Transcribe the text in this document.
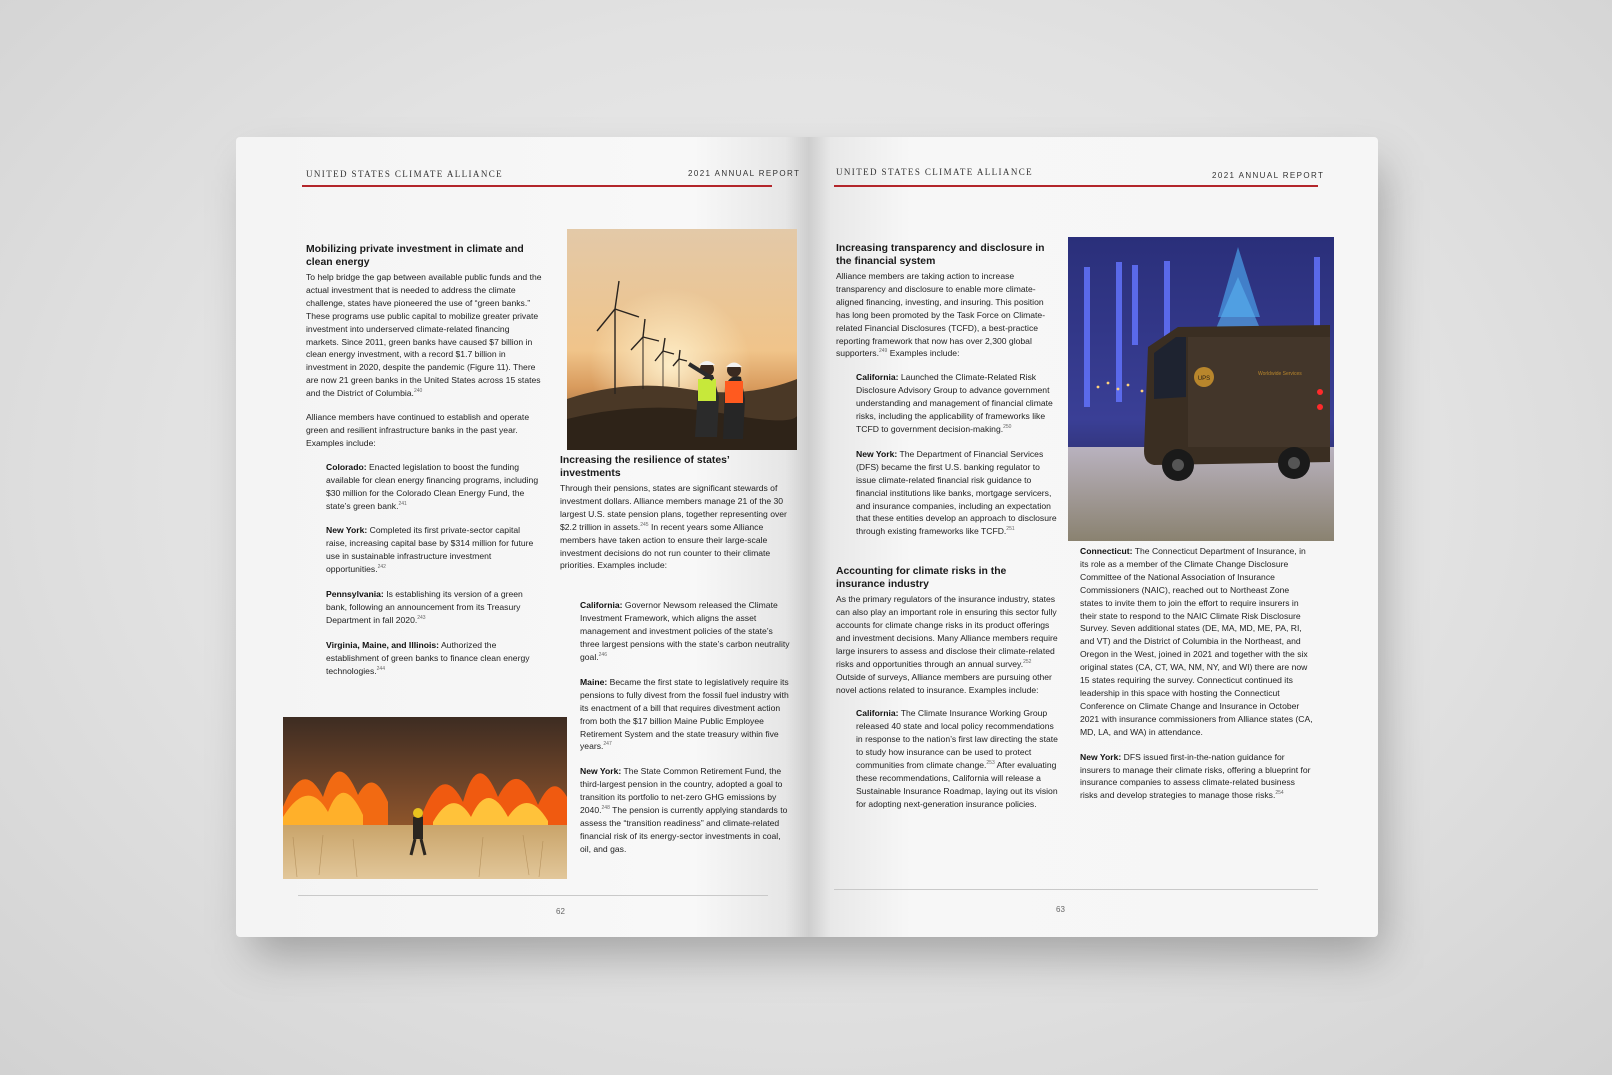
UNITED STATES CLIMATE ALLIANCE	2021 ANNUAL REPORT
Mobilizing private investment in climate and clean energy

To help bridge the gap between available public funds and the actual investment that is needed to address the climate challenge, states have pioneered the use of “green banks.” These programs use public capital to mobilize greater private investment into underserved climate-related financing markets. Since 2011, green banks have caused $7 billion in clean energy investment, with a record $1.7 billion in investment in 2020, despite the pandemic (Figure 11). There are now 21 green banks in the United States across 15 states and the District of Columbia.$^{240}$

Alliance members have continued to establish and operate green and resilient infrastructure banks in the past year. Examples include:

Colorado: Enacted legislation to boost the funding available for clean energy financing programs, including $30 million for the Colorado Clean Energy Fund, the state’s green bank.$^{241}$
New York: Completed its first private-sector capital raise, increasing capital base by $314 million for future use in sustainable infrastructure investment opportunities.$^{242}$
Pennsylvania: Is establishing its version of a green bank, following an announcement from its Treasury Department in fall 2020.$^{243}$
Virginia, Maine, and Illinois: Authorized the establishment of green banks to finance clean energy technologies.$^{244}$
Increasing the resilience of states’ investments

Through their pensions, states are significant stewards of investment dollars. Alliance members manage 21 of the 30 largest U.S. state pension plans, together representing over $2.2 trillion in assets.$^{245}$ In recent years some Alliance members have taken action to ensure their large-scale investment decisions do not run counter to their climate priorities. Examples include:

California: Governor Newsom released the Climate Investment Framework, which aligns the asset management and investment policies of the state’s three largest pensions with the state’s carbon neutrality goal.$^{246}$
Maine: Became the first state to legislatively require its pensions to fully divest from the fossil fuel industry with its enactment of a bill that requires divestment action from both the $17 billion Maine Public Employee Retirement System and the state treasury within five years.$^{247}$
New York: The State Common Retirement Fund, the third-largest pension in the country, adopted a goal to transition its portfolio to net-zero GHG emissions by 2040.$^{248}$ The pension is currently applying standards to assess the “transition readiness” and climate-related financial risk of its energy-sector investments in coal, oil, and gas.
62
UNITED STATES CLIMATE ALLIANCE	2021 ANNUAL REPORT
Increasing transparency and disclosure in the financial system

Alliance members are taking action to increase transparency and disclosure to enable more climate-aligned financing, investing, and insuring. This position has long been promoted by the Task Force on Climate-related Financial Disclosures (TCFD), a best-practice reporting framework that now has over 2,300 global supporters.$^{249}$ Examples include:

California: Launched the Climate-Related Risk Disclosure Advisory Group to advance government understanding and management of financial climate risks, including the applicability of frameworks like TCFD to government decision-making.$^{250}$
New York: The Department of Financial Services (DFS) became the first U.S. banking regulator to issue climate-related financial risk guidance to financial institutions like banks, mortgage servicers, and insurance companies, including an expectation that these entities develop an approach to disclosure through existing frameworks like TCFD.$^{251}$
Accounting for climate risks in the insurance industry

As the primary regulators of the insurance industry, states can also play an important role in ensuring this sector fully accounts for climate change risks in its product offerings and investment decisions. Many Alliance members require large insurers to assess and disclose their climate-related risks and opportunities through an annual survey.$^{252}$ Outside of surveys, Alliance members are pursuing other novel actions related to insurance. Examples include:

California: The Climate Insurance Working Group released 40 state and local policy recommendations in response to the nation’s first law directing the state to study how insurance can be used to protect communities from climate change.$^{253}$ After evaluating these recommendations, California will release a Sustainable Insurance Roadmap, laying out its vision for adopting next-generation insurance policies.
UPS
Worldwide Services
Connecticut: The Connecticut Department of Insurance, in its role as a member of the Climate Change Disclosure Committee of the National Association of Insurance Commissioners (NAIC), reached out to Northeast Zone states to invite them to join the effort to require insurers in their state to respond to the NAIC Climate Risk Disclosure Survey. Seven additional states (DE, MA, MD, ME, PA, RI, and VT) and the District of Columbia in the Northeast, and Oregon in the West, joined in 2021 and together with the six original states (CA, CT, WA, NM, NY, and WI) there are now 15 states requiring the survey. Connecticut continued its leadership in this space with hosting the Connecticut Conference on Climate Change and Insurance in October 2021 with insurance commissioners from Alliance states (CA, MD, LA, and WA) in attendance.
New York: DFS issued first-in-the-nation guidance for insurers to manage their climate risks, offering a blueprint for insurance companies to assess climate-related business risks and develop strategies to manage those risks.$^{254}$
63
